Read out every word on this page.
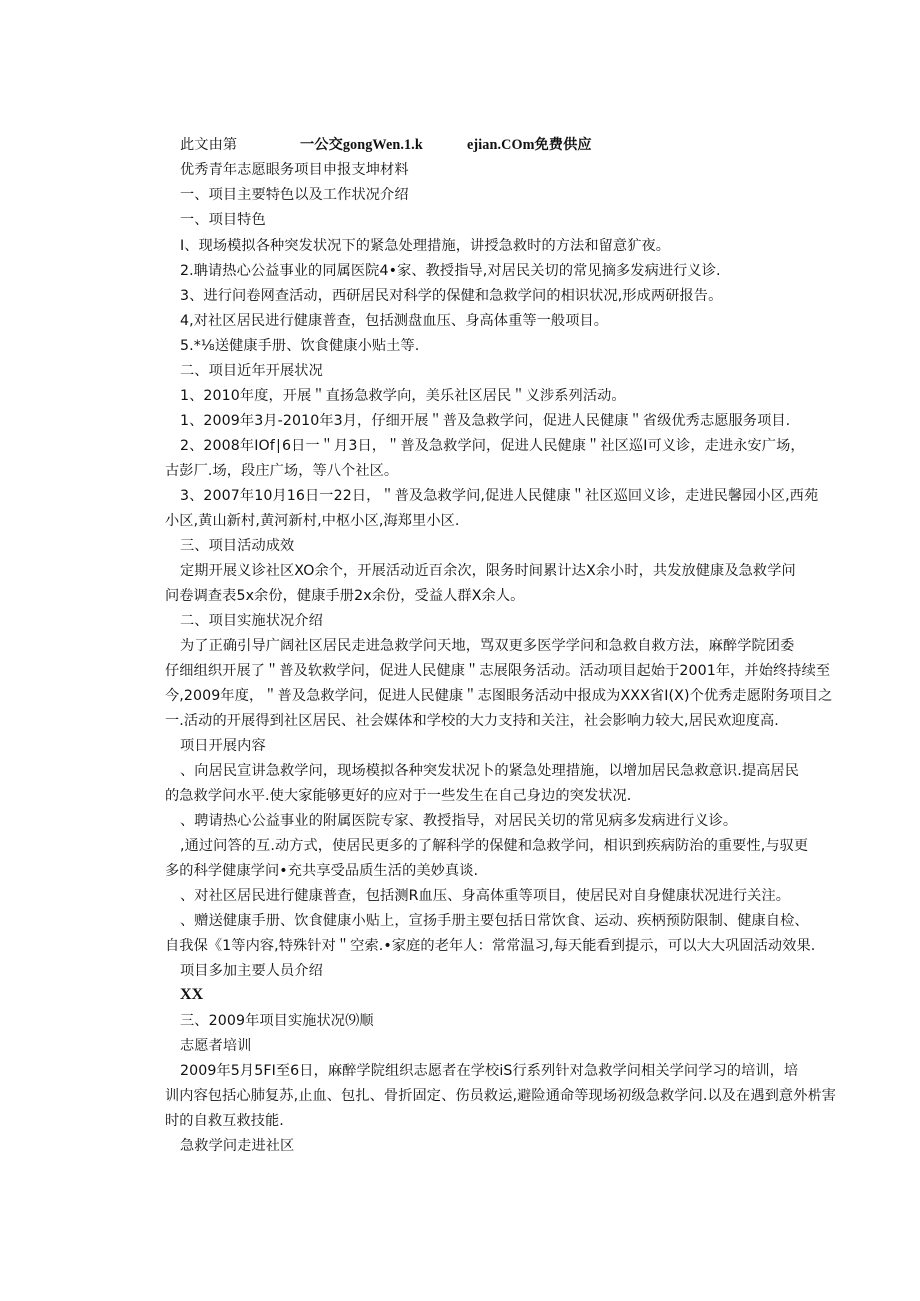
此文由第	一公交gongWen.1.k	ejian.COm免费供应

优秀青年志愿眼务项目申报支坤材料

一、项目主要特色以及工作状况介绍

一、项目特色

I、现场模拟各种突发状况下的紧急处理措施，讲授急救时的方法和留意犷夜。

2.聃请热心公益事业的同属医院4•家、教授指导,对居民关切的常见摘多发病进行义诊.

3、进行问卷网查活动，西研居民对科学的保健和急救学问的相识状况,形成两研报告。

4,对社区居民进行健康普查，包括测盘血压、身高体重等一般项目。

5.*⅛送健康手册、饮食健康小贴土等.

二、项目近年开展状况

1、2010年度，开展＂直扬急救学向，美乐社区居民＂义涉系列活动。

1、2009年3月-2010年3月，仔细开展＂普及急救学问，促进人民健康＂省级优秀志愿服务项目.

2、2008年IOf∣6日一＂月3日，＂普及急救学问，促进人民健康＂社区巡I可义诊，走进永安广场，

古彭厂.场，段庄广场，等八个社区。

3、2007年10月16日一22日，＂普及急救学问,促进人民健康＂社区巡回义诊，走进民馨园小区,西苑

小区,黄山新村,黄河新村,中枢小区,海郑里小区.

三、项目活动成效

定期开展义诊社区XO余个，开展活动近百余次，限务时间累计达X余小时，共发放健康及急救学问

问卷调查表5x余份，健康手册2x余份，受益人群X余人。

二、项目实施状况介绍

为了正确引导广阔社区居民走进急救学问天地，骂双更多医学学问和急救自救方法，麻醉学院团委

仔细组织开展了＂普及软救学问，促进人民健康＂志展限务活动。活动项目起始于2001年，并始终持续至

今,2009年度，＂普及急救学问，促进人民健康＂志图眼务活动中报成为XXX省I(X)个优秀走愿附务项目之

一.活动的开展得到社区居民、社会媒体和学校的大力支持和关注，社会影响力较大,居民欢迎度高.

项日开展内容

、向居民宣讲急救学问，现场模拟各种突发状况卜的紧急处理措施，以增加居民急救意识.提高居民

的急救学问水平.使大家能够更好的应对于一些发生在自己身边的突发状况.

、聘请热心公益事业的附属医院专家、教授指导，对居民关切的常见病多发病进行义诊。

,通过问答的互.动方式，使居民更多的了解科学的保健和急救学问，相识到疾病防治的重要性,与驭更

多的科学健康学问•充共享受品质生活的美妙真谈.

、对社区居民进行健康普查，包括测R血压、身高体重等项目，使居民对自身健康状况进行关注。

、赠送健康手册、饮食健康小贴上，宣扬手册主要包括日常饮食、运动、疾柄预防限制、健康自检、

自我保《1等内容,特殊针对＂空索.•家庭的老年人：常常温习,每天能看到提示，可以大大巩固活动效果.

项目多加主要人员介绍

XX

三、2009年项目实施状况⑼顺

志愿者培训

2009年5月5FI至6日，麻醉学院组织志愿者在学校iS行系列针对急救学问相关学问学习的培训，培

训内容包括心肺复苏,止血、包扎、骨折固定、伤员救运,避险通命等现场初级急救学问.以及在遇到意外㭊害

时的自救互救技能.

急救学问走进社区
